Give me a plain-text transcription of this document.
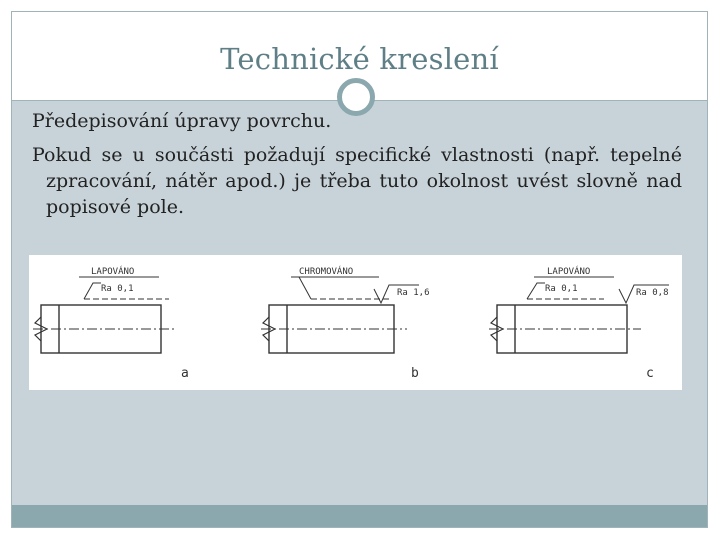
Technické kreslení

Předepisování úpravy povrchu.

Pokud se u součásti požadují specifické vlastnosti (např. tepelné zpracování, nátěr apod.) je třeba tuto okolnost uvést slovně nad popisové pole.

LAPOVÁNO
Ra 0,1
a
CHROMOVÁNO
Ra 1,6
b
LAPOVÁNO
Ra 0,1	Ra 0,8
c
